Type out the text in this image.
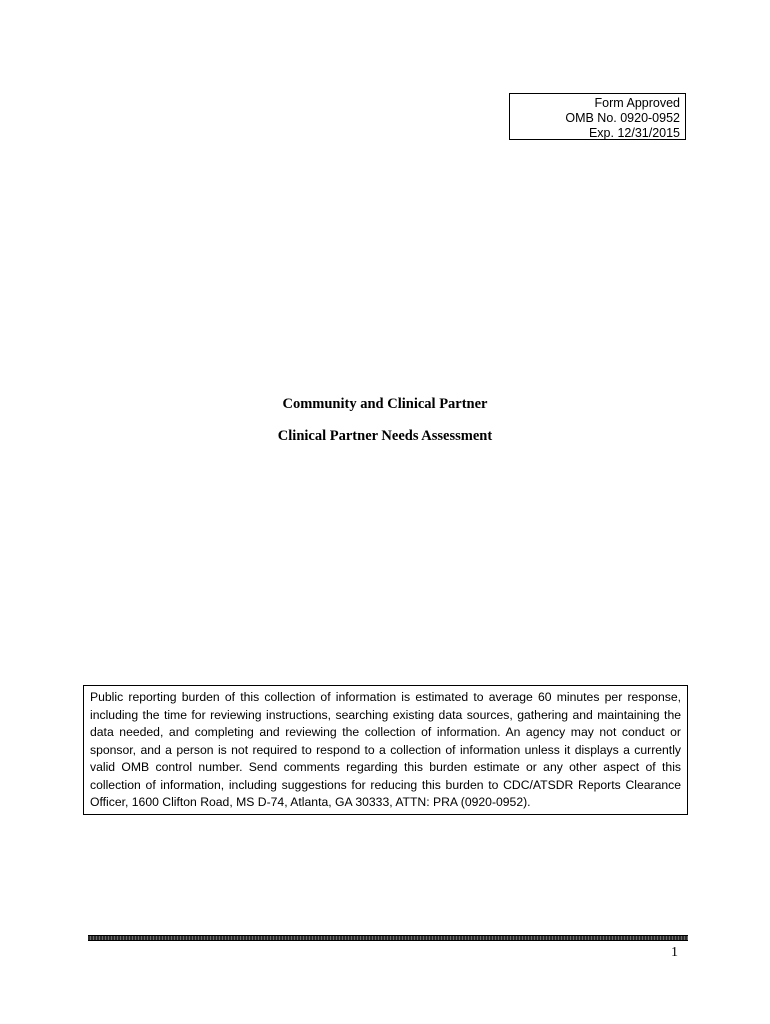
Form Approved
OMB No. 0920-0952
Exp. 12/31/2015
Community and Clinical Partner
Clinical Partner Needs Assessment
Public reporting burden of this collection of information is estimated to average 60 minutes per response, including the time for reviewing instructions, searching existing data sources, gathering and maintaining the data needed, and completing and reviewing the collection of information. An agency may not conduct or sponsor, and a person is not required to respond to a collection of information unless it displays a currently valid OMB control number. Send comments regarding this burden estimate or any other aspect of this collection of information, including suggestions for reducing this burden to CDC/ATSDR Reports Clearance Officer, 1600 Clifton Road, MS D-74, Atlanta, GA 30333, ATTN: PRA (0920-0952).
1
